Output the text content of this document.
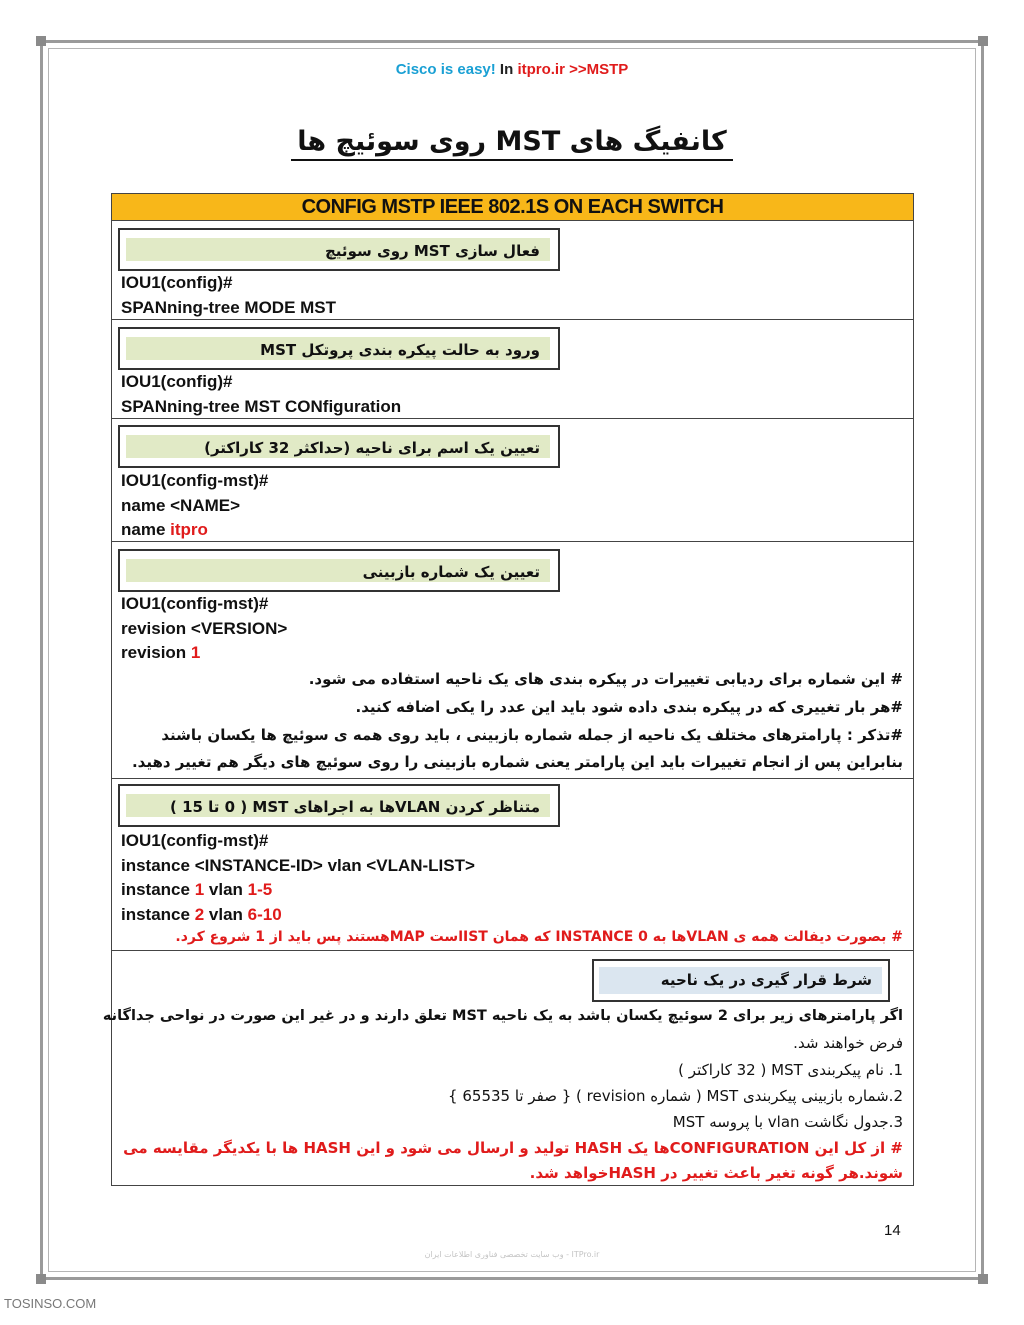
Cisco is easy! In itpro.ir >>MSTP
کانفیگ های MST روی سوئیچ ها
CONFIG MSTP IEEE 802.1S ON EACH SWITCH
فعال سازی MST روی سوئیچ
IOU1(config)#
SPANning-tree MODE MST
ورود به حالت پیکره بندی پروتکل MST
IOU1(config)#
SPANning-tree MST CONfiguration
تعیین یک اسم برای ناحیه (حداکثر 32 کاراکتر)
IOU1(config-mst)#
name <NAME>
name itpro
تعیین یک شماره بازبینی
IOU1(config-mst)#
revision <VERSION>
revision 1
# این شماره برای ردیابی تغییرات در پیکره بندی های یک ناحیه استفاده می شود.
#هر بار تغییری که در پیکره بندی داده شود باید این عدد را یکی اضافه کنید.
#تذکر : پارامترهای مختلف یک ناحیه از جمله شماره بازبینی ، باید روی همه ی سوئیچ ها یکسان باشند
بنابراین پس از انجام تغییرات باید این پارامتر یعنی شماره بازبینی را روی سوئیچ های دیگر هم تغییر دهید.
متناظر کردن VLANها به اجراهای MST ( 0 تا 15 )
IOU1(config-mst)#
instance <INSTANCE-ID> vlan <VLAN-LIST>
instance 1 vlan 1-5
instance 2 vlan 6-10
# بصورت دیفالت همه ی VLANها به INSTANCE 0 که همان ISTاست MAPهستند پس باید از 1 شروع کرد.
شرط قرار گیری در یک ناحیه
اگر پارامترهای زیر برای 2 سوئیچ یکسان باشد به یک ناحیه MST تعلق دارند و در غیر این صورت در نواحی جداگانه
فرض خواهند شد.
1. نام پیکربندی MST ( 32 کاراکتر )
2.شماره بازبینی پیکربندی MST ( شماره revision ) { صفر تا 65535 }
3.جدول نگاشت vlan با پروسه MST
# از کل این CONFIGURATIONها یک HASH تولید و ارسال می شود و این HASH ها با یکدیگر مقایسه می
شوند.هر گونه تغیر باعث تغییر در HASHخواهد شد.
14
ITPro.ir - وب سایت تخصصی فناوری اطلاعات ایران
TOSINSO.COM
